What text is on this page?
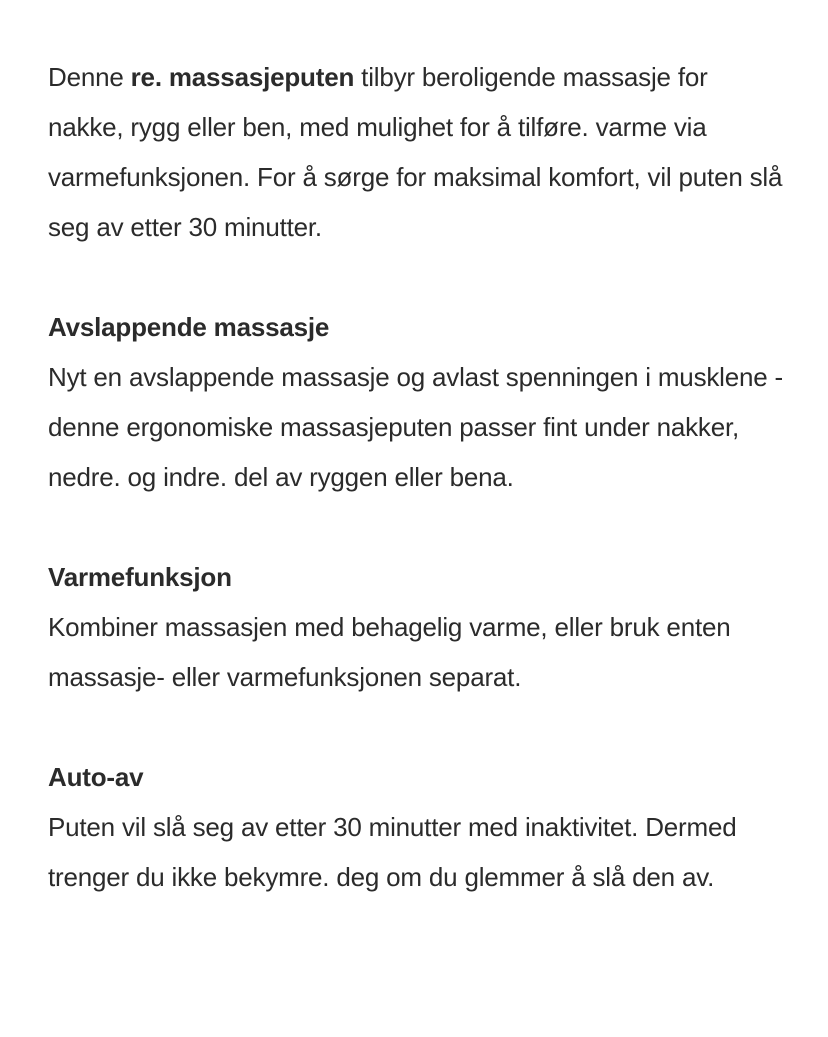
Denne re. massasjeputen tilbyr beroligende massasje for nakke, rygg eller ben, med mulighet for å tilføre. varme via varmefunksjonen. For å sørge for maksimal komfort, vil puten slå seg av etter 30 minutter.

Avslappende massasje

Nyt en avslappende massasje og avlast spenningen i musklene - denne ergonomiske massasjeputen passer fint under nakker, nedre. og indre. del av ryggen eller bena.

Varmefunksjon

Kombiner massasjen med behagelig varme, eller bruk enten massasje- eller varmefunksjonen separat.

Auto-av

Puten vil slå seg av etter 30 minutter med inaktivitet. Dermed trenger du ikke bekymre. deg om du glemmer å slå den av.
